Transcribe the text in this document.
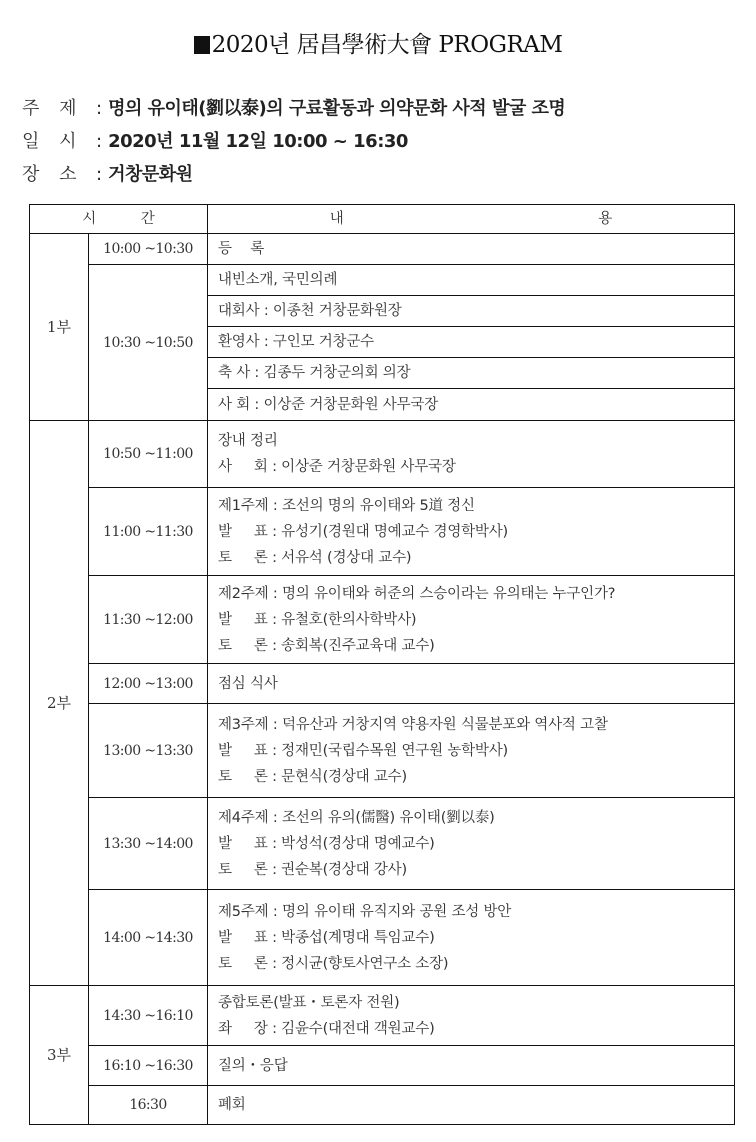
2020년 居昌學術大會 PROGRAM
주 제 : 명의 유이태(劉以泰)의 구료활동과 의약문화 사적 발굴 조명
일 시 : 2020년 11월 12일 10:00 ~ 16:30
장 소 : 거창문화원
시 간		내 용
1부	10:00 ~10:30	등 록

	10:30 ~10:50	내빈소개, 국민의례

		대회사 : 이종천 거창문화원장

		환영사 : 구인모 거창군수

		축 사 : 김종두 거창군의회 의장

		사 회 : 이상준 거창문화원 사무국장

2부	10:50 ~11:00	장내 정리
사     회 : 이상준 거창문화원 사무국장

	11:00 ~11:30	제1주제 : 조선의 명의 유이태와 5道 정신
발     표 : 유성기(경원대 명예교수 경영학박사)
토     론 : 서유석 (경상대 교수)

	11:30 ~12:00	제2주제 : 명의 유이태와 허준의 스승이라는 유의태는 누구인가?
발     표 : 유철호(한의사학박사)
토     론 : 송회복(진주교육대 교수)

	12:00 ~13:00	점심 식사

	13:00 ~13:30	제3주제 : 덕유산과 거창지역 약용자원 식물분포와 역사적 고찰
발     표 : 정재민(국립수목원 연구원 농학박사)
토     론 : 문현식(경상대 교수)

	13:30 ~14:00	제4주제 : 조선의 유의(儒醫) 유이태(劉以泰)
발     표 : 박성석(경상대 명예교수)
토     론 : 권순복(경상대 강사)

	14:00 ~14:30	제5주제 : 명의 유이태 유직지와 공원 조성 방안
발     표 : 박종섭(계명대 특임교수)
토     론 : 정시균(향토사연구소 소장)

3부	14:30 ~16:10	종합토론(발표・토론자 전원)
좌     장 : 김윤수(대전대 객원교수)

	16:10 ~16:30	질의・응답

	16:30	폐회
